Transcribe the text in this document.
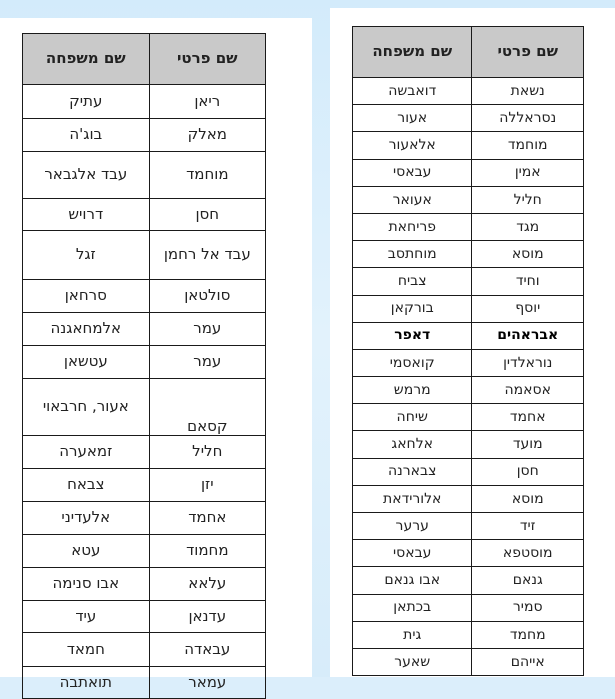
שם פרטי	שם משפחה
ריאן	עתיק
מאלק	בוג'ה
מוחמד	עבד אלגבאר
חסן	דרויש
עבד אל רחמן	זגל
סולטאן	סרחאן
עמר	אלמחאגנה
עמר	עטשאן
קסאם	אעור, חרבאוי
חליל	זמאערה
יזן	צבאח
אחמד	אלעדיני
מחמוד	עטא
עלאא	אבו סנימה
עדנאן	עיד
עבאדה	חמאד
עמאר	תואתבה
שם פרטי	שם משפחה
נשאת	דואבשה
נסראללה	אעור
מוחמד	אלאעור
אמין	עבאסי
חליל	אעואר
מגד	פריחאת
מוסא	מוחתסב
וחיד	צביח
יוסף	בורקאן
אבראהים	דאפר
נוראלדין	קואסמי
אסאמה	מרמש
אחמד	שיחה
מועד	אלחאג
חסן	צבארנה
מוסא	אלורידאת
זיד	ערער
מוסטפא	עבאסי
גנאם	אבו גנאם
סמיר	בכתאן
מחמד	גית
אייהם	שאער
